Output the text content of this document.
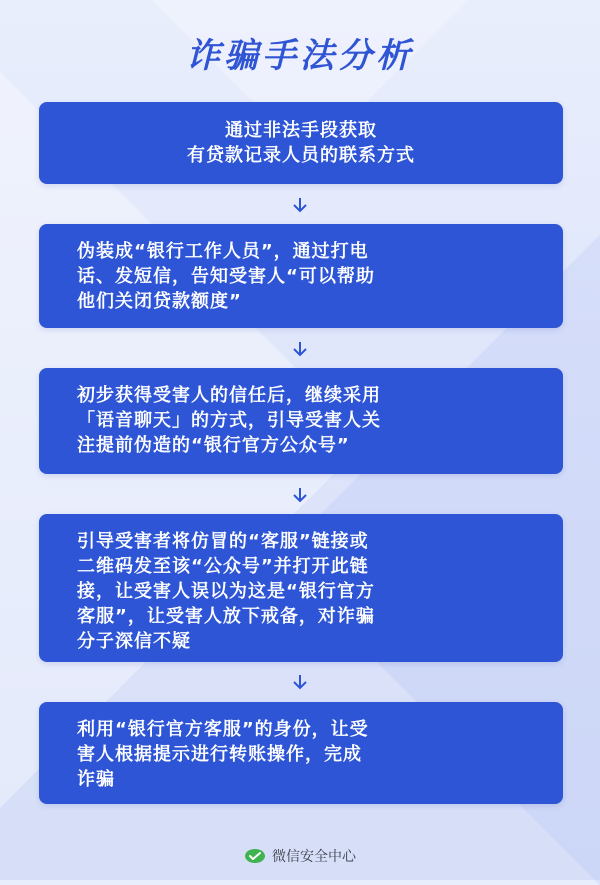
诈骗手法分析
通过非法手段获取
有贷款记录人员的联系方式
伪装成“银行工作人员”，通过打电
话、发短信，告知受害人“可以帮助
他们关闭贷款额度”
初步获得受害人的信任后，继续采用
「语音聊天」的方式，引导受害人关
注提前伪造的“银行官方公众号”
引导受害者将仿冒的“客服”链接或
二维码发至该“公众号”并打开此链
接，让受害人误以为这是“银行官方
客服”，让受害人放下戒备，对诈骗
分子深信不疑
利用“银行官方客服”的身份，让受
害人根据提示进行转账操作，完成
诈骗
微信安全中心
